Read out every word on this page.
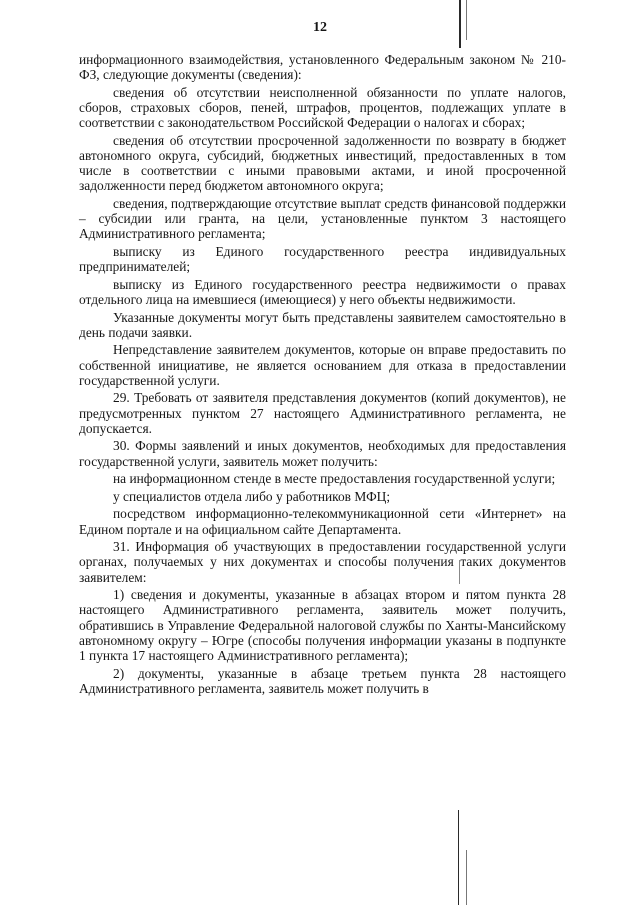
12

информационного взаимодействия, установленного Федеральным законом № 210-ФЗ, следующие документы (сведения):

сведения об отсутствии неисполненной обязанности по уплате налогов, сборов, страховых сборов, пеней, штрафов, процентов, подлежащих уплате в соответствии с законодательством Российской Федерации о налогах и сборах;

сведения об отсутствии просроченной задолженности по возврату в бюджет автономного округа, субсидий, бюджетных инвестиций, предоставленных в том числе в соответствии с иными правовыми актами, и иной просроченной задолженности перед бюджетом автономного округа;

сведения, подтверждающие отсутствие выплат средств финансовой поддержки – субсидии или гранта, на цели, установленные пунктом 3 настоящего Административного регламента;

выписку из Единого государственного реестра индивидуальных предпринимателей;

выписку из Единого государственного реестра недвижимости о правах отдельного лица на имевшиеся (имеющиеся) у него объекты недвижимости.

Указанные документы могут быть представлены заявителем самостоятельно в день подачи заявки.

Непредставление заявителем документов, которые он вправе предоставить по собственной инициативе, не является основанием для отказа в предоставлении государственной услуги.

29. Требовать от заявителя представления документов (копий документов), не предусмотренных пунктом 27 настоящего Административного регламента, не допускается.

30. Формы заявлений и иных документов, необходимых для предоставления государственной услуги, заявитель может получить:

на информационном стенде в месте предоставления государственной услуги;

у специалистов отдела либо у работников МФЦ;

посредством информационно-телекоммуникационной сети «Интернет» на Едином портале и на официальном сайте Департамента.

31. Информация об участвующих в предоставлении государственной услуги органах, получаемых у них документах и способы получения таких документов заявителем:

1) сведения и документы, указанные в абзацах втором и пятом пункта 28 настоящего Административного регламента, заявитель может получить, обратившись в Управление Федеральной налоговой службы по Ханты-Мансийскому автономному округу – Югре (способы получения информации указаны в подпункте 1 пункта 17 настоящего Административного регламента);

2) документы, указанные в абзаце третьем пункта 28 настоящего Административного регламента, заявитель может получить в
